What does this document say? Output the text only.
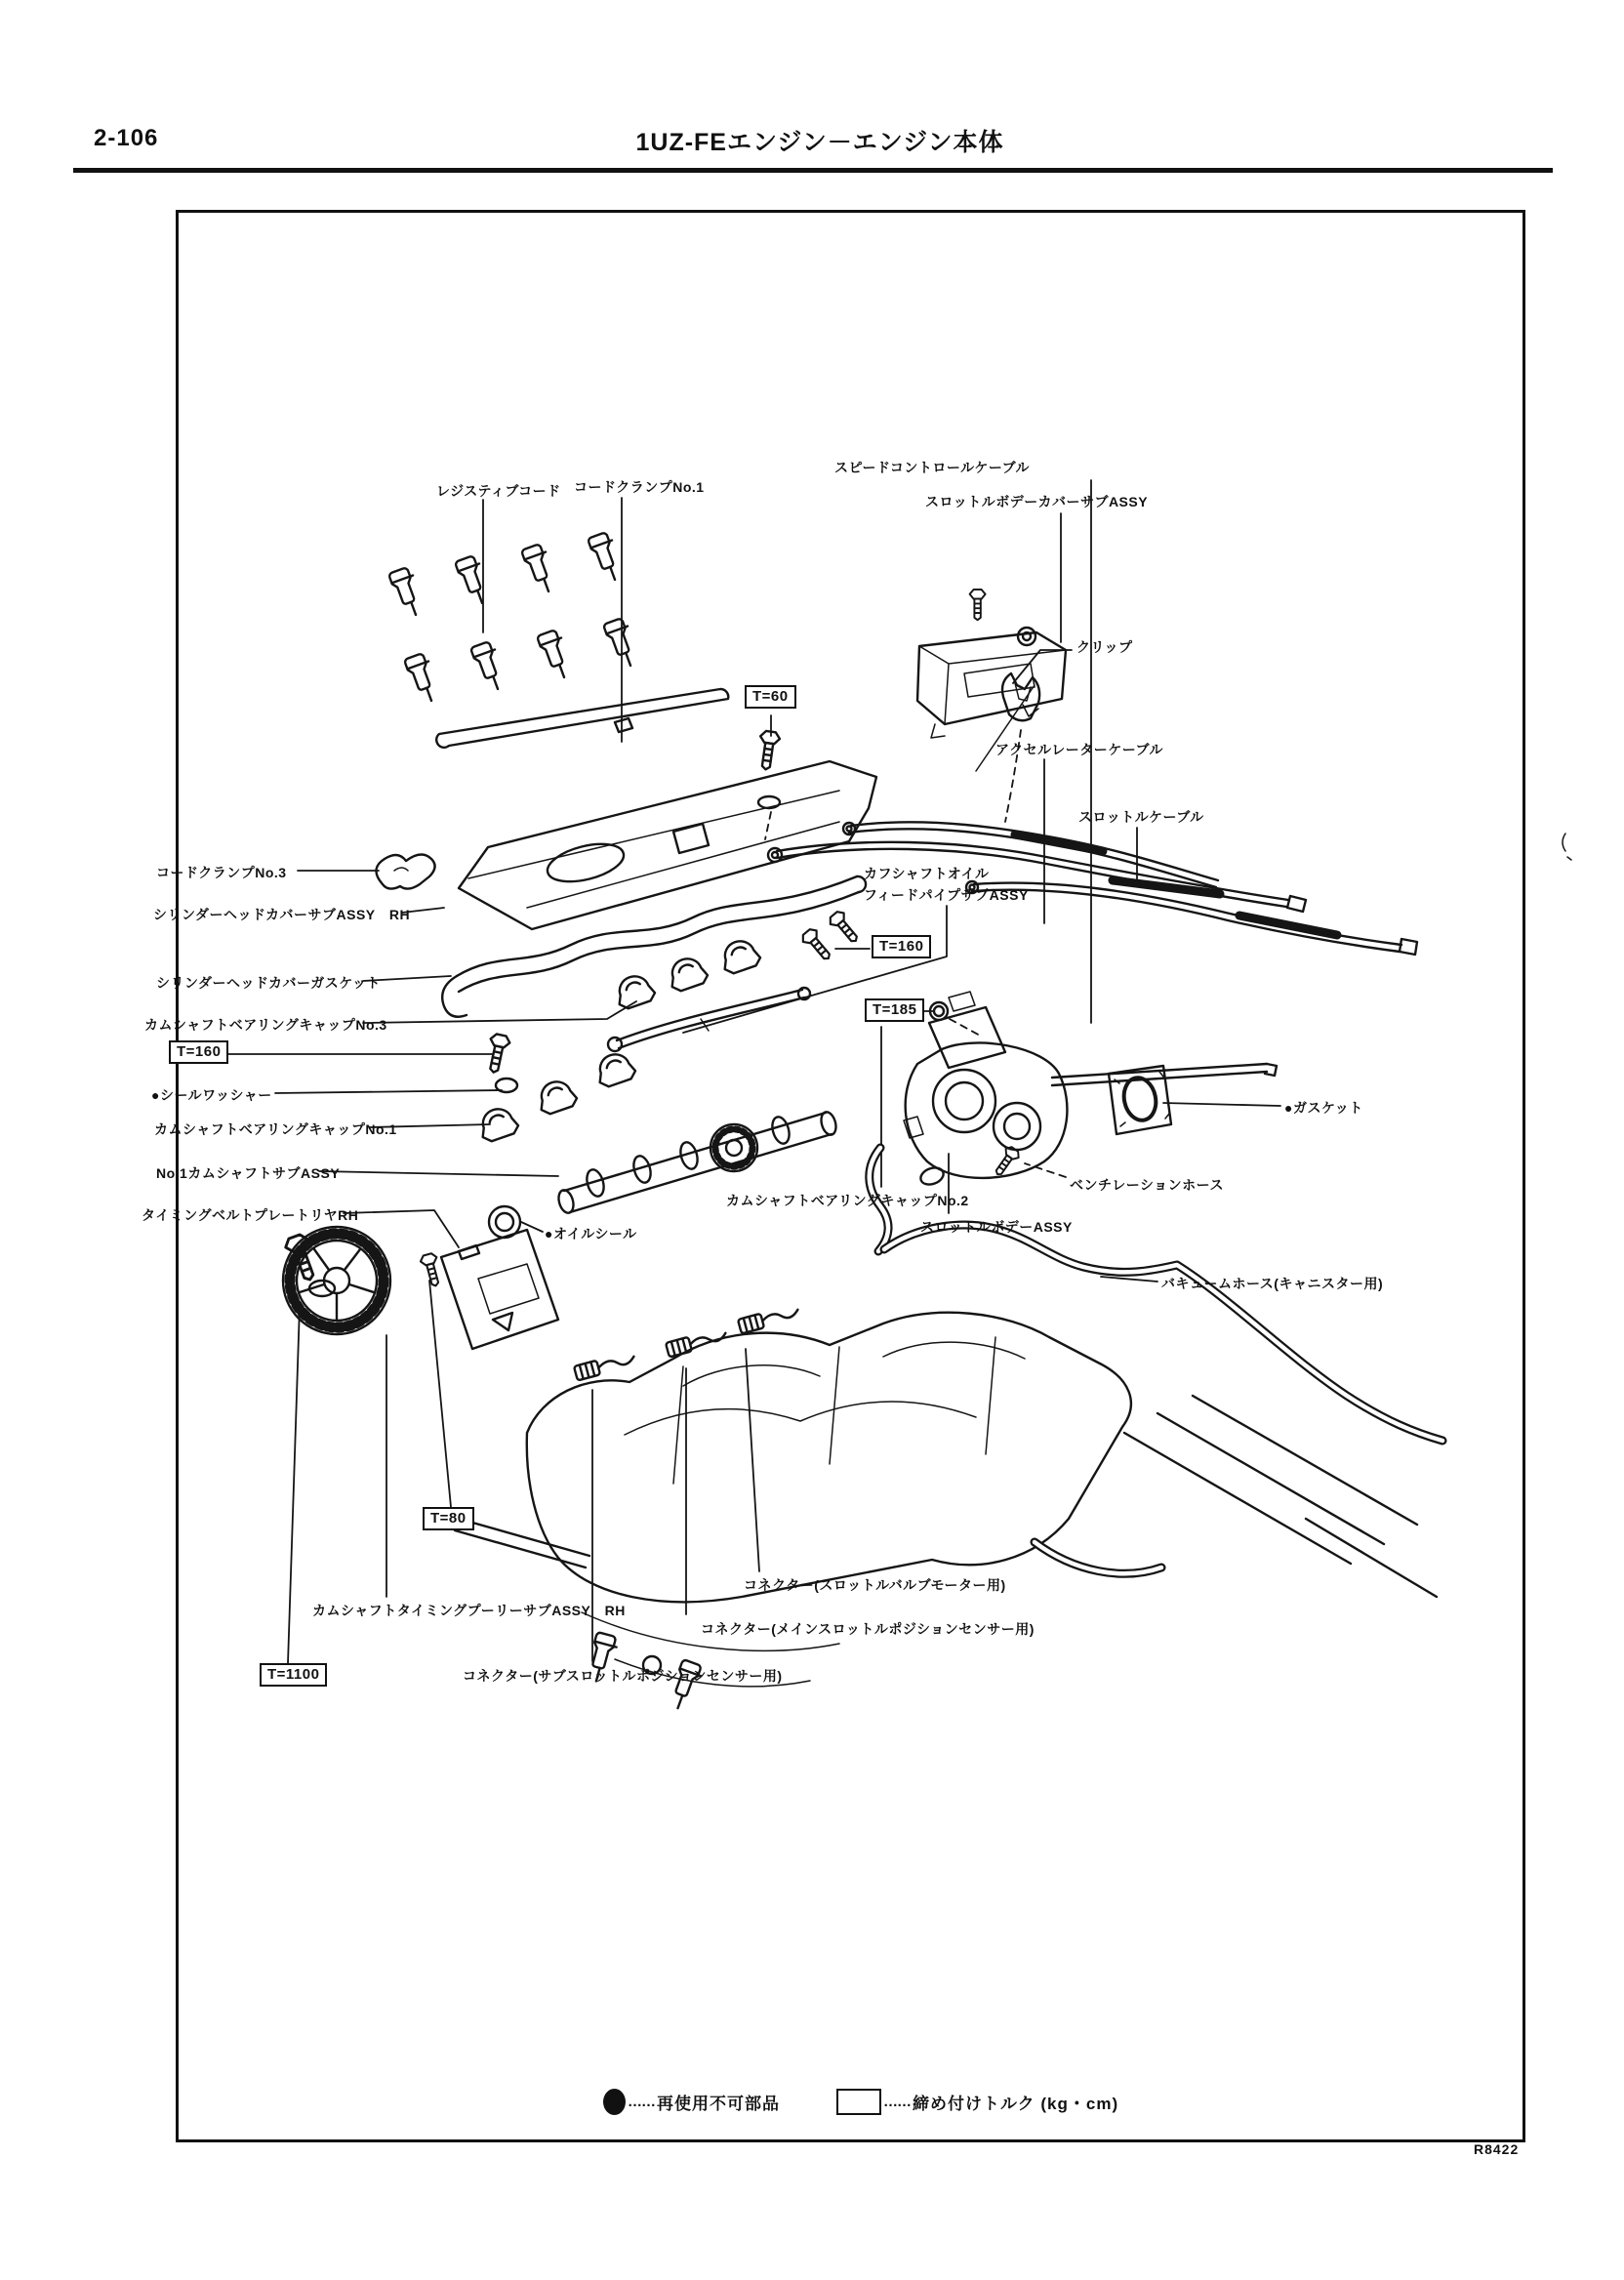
2-106	1UZ-FEエンジン－エンジン本体
レジスティブコード コードクランプNo.1
スピードコントロールケーブル
スロットルボデーカバーサブASSY
クリップ
アクセルレーターケーブル
スロットルケーブル
コードクランプNo.3
シリンダーヘッドカバーサブASSY　RH
シリンダーヘッドカバーガスケット
カムシャフトベアリングキャップNo.3
●シールワッシャー
カムシャフトベアリングキャップNo.1
No.1カムシャフトサブASSY
タイミングベルトプレートリヤRH
●オイルシール
カフシャフトオイル
フィードパイプサブASSY
●ガスケット
ベンチレーションホース
スロットルボデーASSY
カムシャフトベアリングキャップNo.2
バキュームホース(キャニスター用)
コネクター(スロットルバルブモーター用)
コネクター(メインスロットルポジションセンサー用)
コネクター(サブスロットルポジションセンサー用)
カムシャフトタイミングプーリーサブASSY　RH
T=60
T=160
T=160
T=185
T=80
T=1100
…… 再使用不可部品	…… 締め付けトルク (kg・cm)
R8422
